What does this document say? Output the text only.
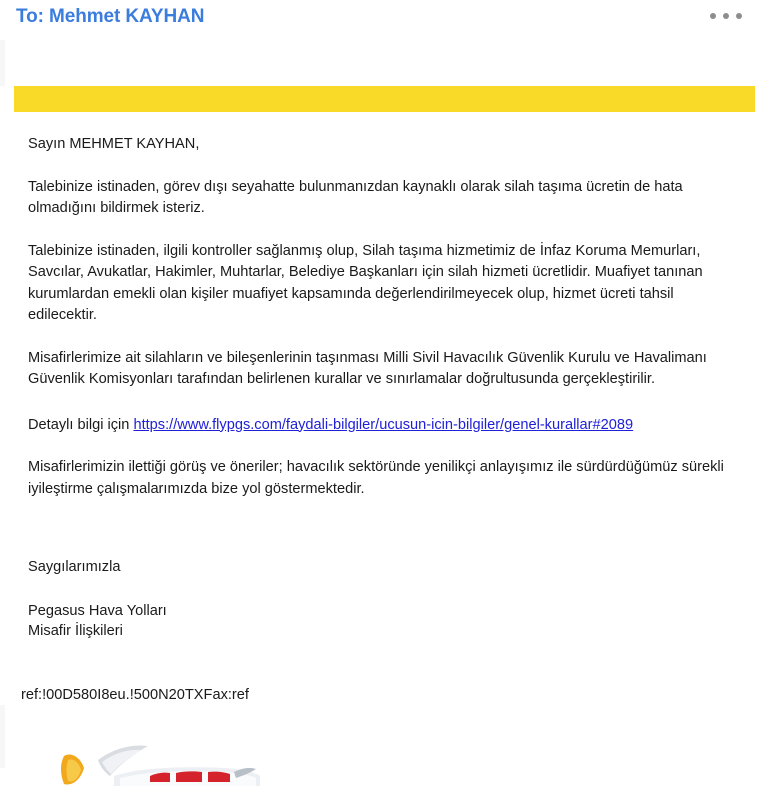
To: Mehmet KAYHAN

Sayın MEHMET KAYHAN,

Talebinize istinaden, görev dışı seyahatte bulunmanızdan kaynaklı olarak silah taşıma ücretin de hata olmadığını bildirmek isteriz.

Talebinize istinaden, ilgili kontroller sağlanmış olup, Silah taşıma hizmetimiz de İnfaz Koruma Memurları, Savcılar, Avukatlar, Hakimler, Muhtarlar, Belediye Başkanları için silah hizmeti ücretlidir. Muafiyet tanınan kurumlardan emekli olan kişiler muafiyet kapsamında değerlendirilmeyecek olup, hizmet ücreti tahsil edilecektir.

Misafirlerimize ait silahların ve bileşenlerinin taşınması Milli Sivil Havacılık Güvenlik Kurulu ve Havalimanı Güvenlik Komisyonları tarafından belirlenen kurallar ve sınırlamalar doğrultusunda gerçekleştirilir.

Detaylı bilgi için https://www.flypgs.com/faydali-bilgiler/ucusun-icin-bilgiler/genel-kurallar#2089

Misafirlerimizin ilettiği görüş ve öneriler; havacılık sektöründe yenilikçi anlayışımız ile sürdürdüğümüz sürekli iyileştirme çalışmalarımızda bize yol göstermektedir.

Saygılarımızla

Pegasus Hava Yolları
Misafir İlişkileri
ref:!00D580I8eu.!500N20TXFax:ref
